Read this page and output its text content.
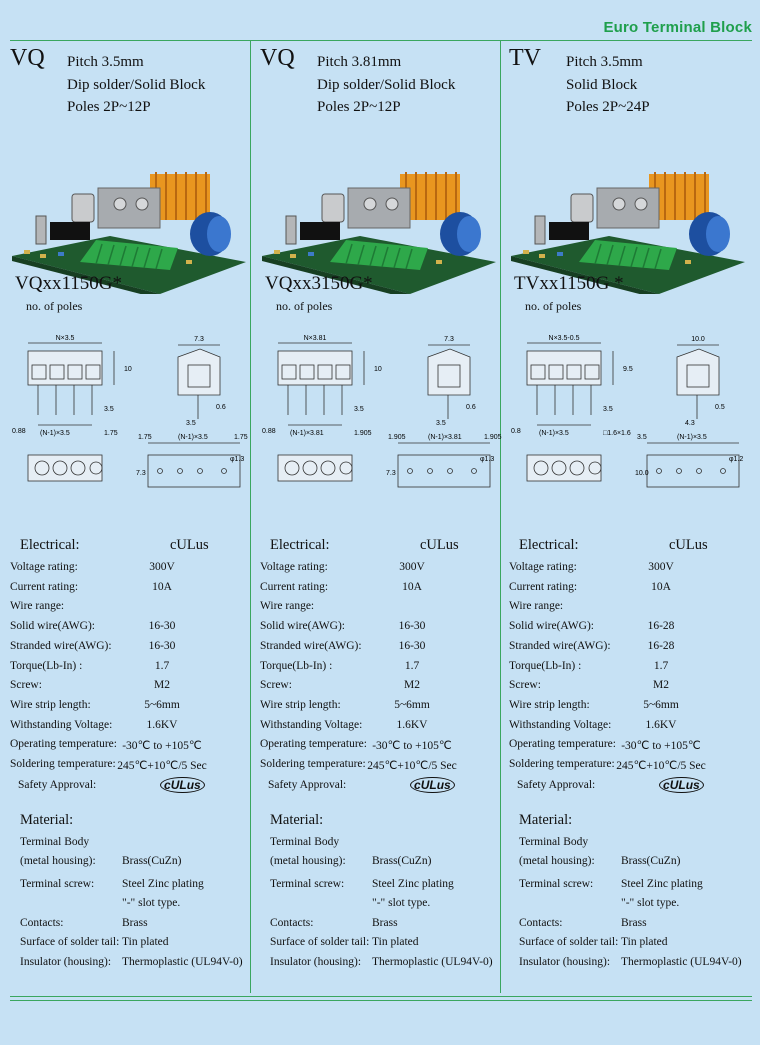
Euro Terminal Block
VQ Pitch 3.5mm
Dip solder/Solid Block
Poles 2P~12P
VQxx1150G*
no. of poles
N×3.5
10
3.5
0.88 (N-1)×3.5	1.75
7.3
0.6
3.5
1.75	(N-1)×3.5	1.75
7.3
φ1.3
Electrical:	cULus
Voltage rating:	300V
Current rating:	10A
Wire range:
Solid wire(AWG):	16-30
Stranded wire(AWG):	16-30
Torque(Lb-In) :	1.7
Screw:	M2
Wire strip length:	5~6mm
Withstanding Voltage:	1.6KV
Operating temperature: -30℃ to +105℃
Soldering temperature: 245℃+10℃/5 Sec
Safety Approval:	cULus
Material:
Terminal Body
(metal housing): Brass(CuZn)
Terminal screw: Steel Zinc plating
"-" slot type.
Contacts:	Brass
Surface of solder tail: Tin plated
Insulator (housing): Thermoplastic (UL94V-0)
VQ Pitch 3.81mm
Dip solder/Solid Block
Poles 2P~12P
VQxx3150G*
no. of poles
N×3.81
10
3.5
0.88 (N-1)×3.81	1.905
7.3
0.6
3.5
1.905	(N-1)×3.81	1.905
7.3
φ1.3
Electrical:	cULus
Voltage rating:	300V
Current rating:	10A
Wire range:
Solid wire(AWG):	16-30
Stranded wire(AWG):	16-30
Torque(Lb-In) :	1.7
Screw:	M2
Wire strip length:	5~6mm
Withstanding Voltage:	1.6KV
Operating temperature: -30℃ to +105℃
Soldering temperature: 245℃+10℃/5 Sec
Safety Approval:	cULus
Material:
Terminal Body
(metal housing): Brass(CuZn)
Terminal screw: Steel Zinc plating
"-" slot type.
Contacts:	Brass
Surface of solder tail: Tin plated
Insulator (housing): Thermoplastic (UL94V-0)
TV Pitch 3.5mm
Solid Block
Poles 2P~24P
TVxx1150G *
no. of poles
N×3.5-0.5
9.5
3.5
0.8	(N-1)×3.5	□1.6×1.6
10.0
0.5
4.3
3.5	(N-1)×3.5
10.0
φ1.2
Electrical:	cULus
Voltage rating:	300V
Current rating:	10A
Wire range:
Solid wire(AWG):	16-28
Stranded wire(AWG):	16-28
Torque(Lb-In) :	1.7
Screw:	M2
Wire strip length:	5~6mm
Withstanding Voltage:	1.6KV
Operating temperature: -30℃ to +105℃
Soldering temperature: 245℃+10℃/5 Sec
Safety Approval:	cULus
Material:
Terminal Body
(metal housing): Brass(CuZn)
Terminal screw: Steel Zinc plating
"-" slot type.
Contacts:	Brass
Surface of solder tail: Tin plated
Insulator (housing): Thermoplastic (UL94V-0)
